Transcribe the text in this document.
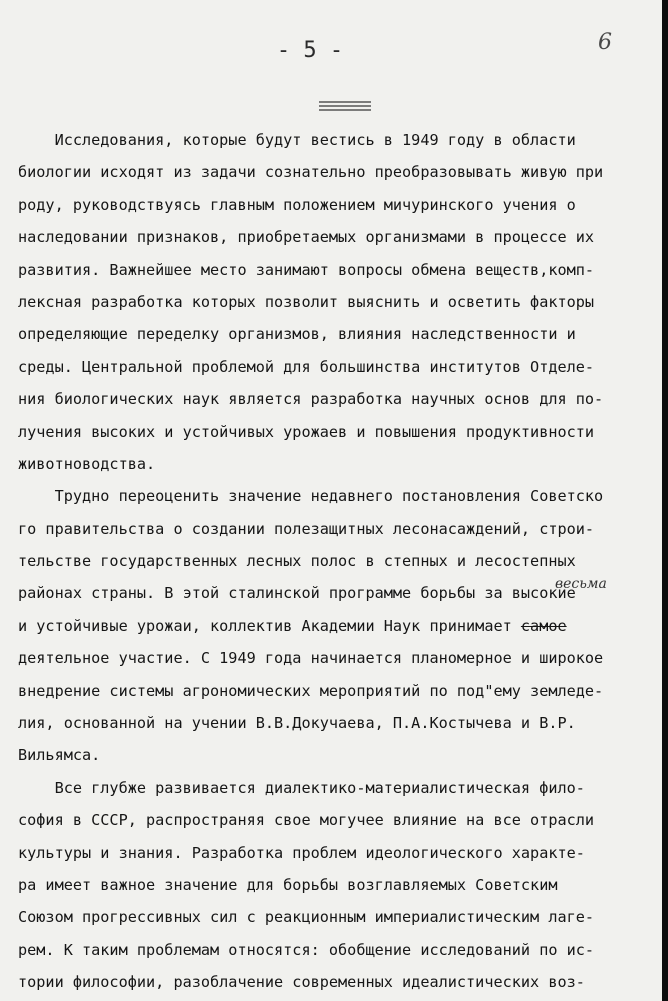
- 5 -	6
Исследования, которые будут вестись в 1949 году в области
биологии исходят из задачи сознательно преобразовывать живую при
роду, руководствуясь главным положением мичуринского учения о
наследовании признаков, приобретаемых организмами в процессе их
развития. Важнейшее место занимают вопросы обмена веществ,комп-
лексная разработка которых позволит выяснить и осветить факторы
определяющие переделку организмов, влияния наследственности и
среды. Центральной проблемой для большинства институтов Отделе-
ния биологических наук является разработка научных основ для по-
лучения высоких и устойчивых урожаев и повышения продуктивности
животноводства.
Трудно переоценить значение недавнего постановления Советско
го правительства о создании полезащитных лесонасаждений, строи-
тельстве государственных лесных полос в степных и лесостепных
районах страны. В этой сталинской программе борьбы за высокие
и устойчивые урожаи, коллектив Академии Наук принимает самое
деятельное участие. С 1949 года начинается планомерное и широкое
внедрение системы агрономических мероприятий по под"ему земледе-
лия, основанной на учении В.В.Докучаева, П.А.Костычева и В.Р.
Вильямса.
Все глубже развивается диалектико-материалистическая фило-
софия в СССР, распространяя свое могучее влияние на все отрасли
культуры и знания. Разработка проблем идеологического характе-
ра имеет важное значение для борьбы возглавляемых Советским
Союзом прогрессивных сил с реакционным империалистическим лаге-
рем. К таким проблемам относятся: обобщение исследований по ис-
тории философии, разоблачение современных идеалистических воз-
весьма
